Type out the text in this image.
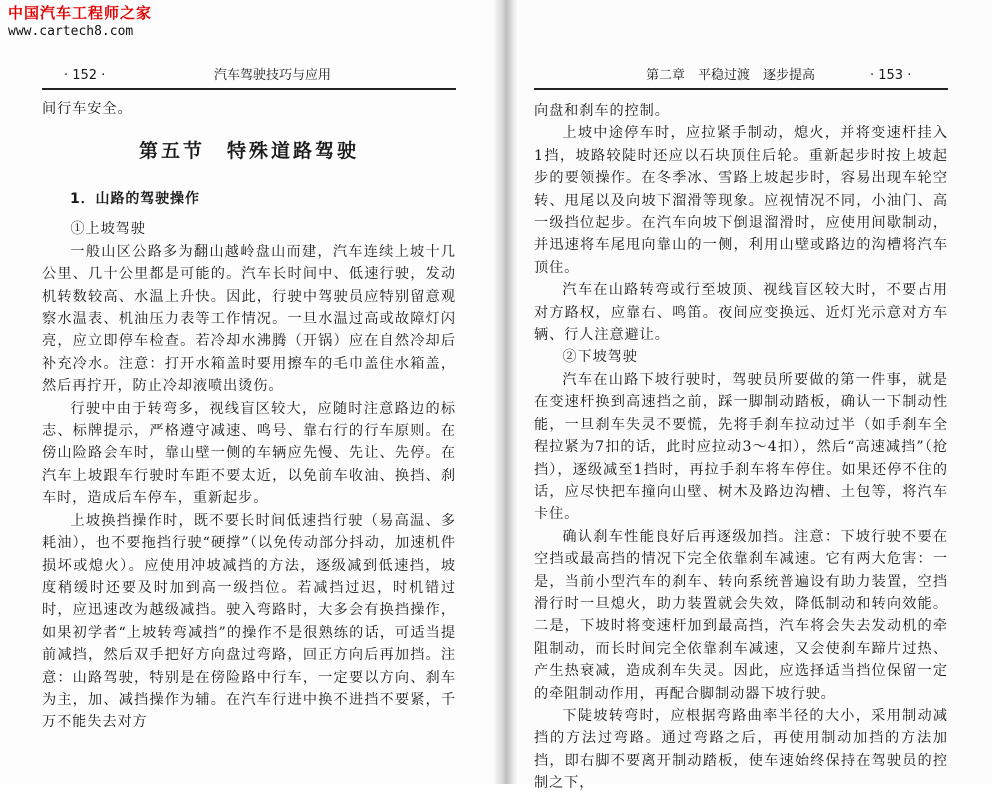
· 152 ·	汽车驾驶技巧与应用

间行车安全。

第五节　特殊道路驾驶
1．山路的驾驶操作

①上坡驾驶

一般山区公路多为翻山越岭盘山而建，汽车连续上坡十几公里、几十公里都是可能的。汽车长时间中、低速行驶，发动机转数较高、水温上升快。因此，行驶中驾驶员应特别留意观察水温表、机油压力表等工作情况。一旦水温过高或故障灯闪亮，应立即停车检查。若冷却水沸腾（开锅）应在自然冷却后补充冷水。注意：打开水箱盖时要用擦车的毛巾盖住水箱盖，然后再拧开，防止冷却液喷出烫伤。

行驶中由于转弯多，视线盲区较大，应随时注意路边的标志、标牌提示，严格遵守减速、鸣号、靠右行的行车原则。在傍山险路会车时，靠山壁一侧的车辆应先慢、先让、先停。在汽车上坡跟车行驶时车距不要太近，以免前车收油、换挡、刹车时，造成后车停车，重新起步。

上坡换挡操作时，既不要长时间低速挡行驶（易高温、多耗油），也不要拖挡行驶“硬撑”（以免传动部分抖动，加速机件损坏或熄火）。应使用冲坡减挡的方法，逐级减到低速挡，坡度稍缓时还要及时加到高一级挡位。若减挡过迟，时机错过时，应迅速改为越级减挡。驶入弯路时，大多会有换挡操作，如果初学者“上坡转弯减挡”的操作不是很熟练的话，可适当提前减挡，然后双手把好方向盘过弯路，回正方向后再加挡。注意：山路驾驶，特别是在傍险路中行车，一定要以方向、刹车为主，加、减挡操作为辅。在汽车行进中换不进挡不要紧，千万不能失去对方

第二章　平稳过渡　逐步提高	· 153 ·

向盘和刹车的控制。

上坡中途停车时，应拉紧手制动，熄火，并将变速杆挂入1挡，坡路较陡时还应以石块顶住后轮。重新起步时按上坡起步的要领操作。在冬季冰、雪路上坡起步时，容易出现车轮空转、甩尾以及向坡下溜滑等现象。应视情况不同，小油门、高一级挡位起步。在汽车向坡下倒退溜滑时，应使用间歇制动，并迅速将车尾甩向靠山的一侧，利用山壁或路边的沟槽将汽车顶住。

汽车在山路转弯或行至坡顶、视线盲区较大时，不要占用对方路权，应靠右、鸣笛。夜间应变换远、近灯光示意对方车辆、行人注意避让。

②下坡驾驶

汽车在山路下坡行驶时，驾驶员所要做的第一件事，就是在变速杆换到高速挡之前，踩一脚制动踏板，确认一下制动性能，一旦刹车失灵不要慌，先将手刹车拉动过半（如手刹车全程拉紧为7扣的话，此时应拉动3～4扣），然后“高速减挡”（抢挡），逐级减至1挡时，再拉手刹车将车停住。如果还停不住的话，应尽快把车撞向山壁、树木及路边沟槽、土包等，将汽车卡住。

确认刹车性能良好后再逐级加挡。注意：下坡行驶不要在空挡或最高挡的情况下完全依靠刹车减速。它有两大危害：一是，当前小型汽车的刹车、转向系统普遍设有助力装置，空挡滑行时一旦熄火，助力装置就会失效，降低制动和转向效能。二是，下坡时将变速杆加到最高挡，汽车将会失去发动机的牵阻制动，而长时间完全依靠刹车减速，又会使刹车蹄片过热、产生热衰减，造成刹车失灵。因此，应选择适当挡位保留一定的牵阻制动作用，再配合脚制动器下坡行驶。

下陡坡转弯时，应根据弯路曲率半径的大小，采用制动减挡的方法过弯路。通过弯路之后，再使用制动加挡的方法加挡，即右脚不要离开制动踏板，使车速始终保持在驾驶员的控制之下，

中国汽车工程师之家
www.cartech8.com
